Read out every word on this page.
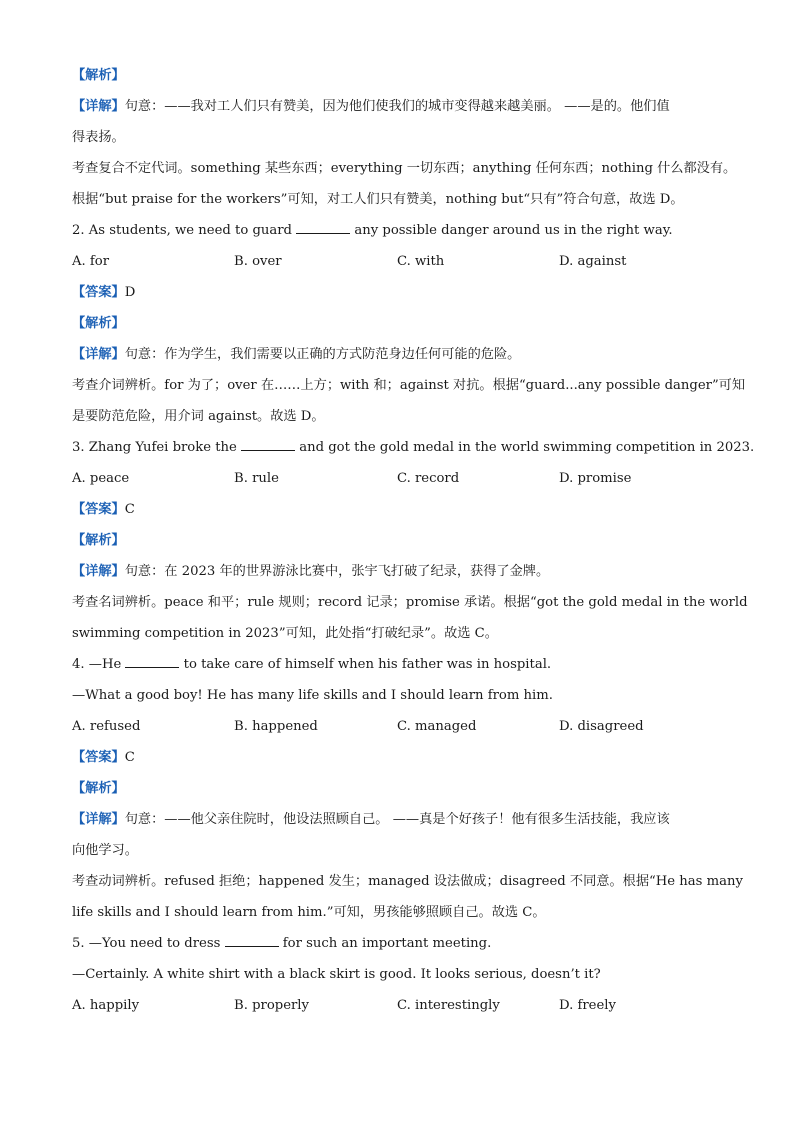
【解析】
【详解】句意：——我对工人们只有赞美，因为他们使我们的城市变得越来越美丽。 ——是的。他们值
得表扬。
考查复合不定代词。something 某些东西；everything 一切东西；anything 任何东西；nothing 什么都没有。
根据“but praise for the workers”可知，对工人们只有赞美，nothing but“只有”符合句意，故选 D。
2. As students, we need to guard	any possible danger around us in the right way.
A. for	B. over	C. with	D. against
【答案】D
【解析】
【详解】句意：作为学生，我们需要以正确的方式防范身边任何可能的危险。
考查介词辨析。for 为了；over 在……上方；with 和；against 对抗。根据“guard...any possible danger”可知
是要防范危险，用介词 against。故选 D。
3. Zhang Yufei broke the	and got the gold medal in the world swimming competition in 2023.
A. peace	B. rule	C. record	D. promise
【答案】C
【解析】
【详解】句意：在 2023 年的世界游泳比赛中，张宇飞打破了纪录，获得了金牌。
考查名词辨析。peace 和平；rule 规则；record 记录；promise 承诺。根据“got the gold medal in the world
swimming competition in 2023”可知，此处指“打破纪录”。故选 C。
4. —He	to take care of himself when his father was in hospital.
—What a good boy! He has many life skills and I should learn from him.
A. refused	B. happened	C. managed	D. disagreed
【答案】C
【解析】
【详解】句意：——他父亲住院时，他设法照顾自己。 ——真是个好孩子！他有很多生活技能，我应该
向他学习。
考查动词辨析。refused 拒绝；happened 发生；managed 设法做成；disagreed 不同意。根据“He has many
life skills and I should learn from him.”可知，男孩能够照顾自己。故选 C。
5. —You need to dress	for such an important meeting.
—Certainly. A white shirt with a black skirt is good. It looks serious, doesn’t it?
A. happily	B. properly	C. interestingly	D. freely
